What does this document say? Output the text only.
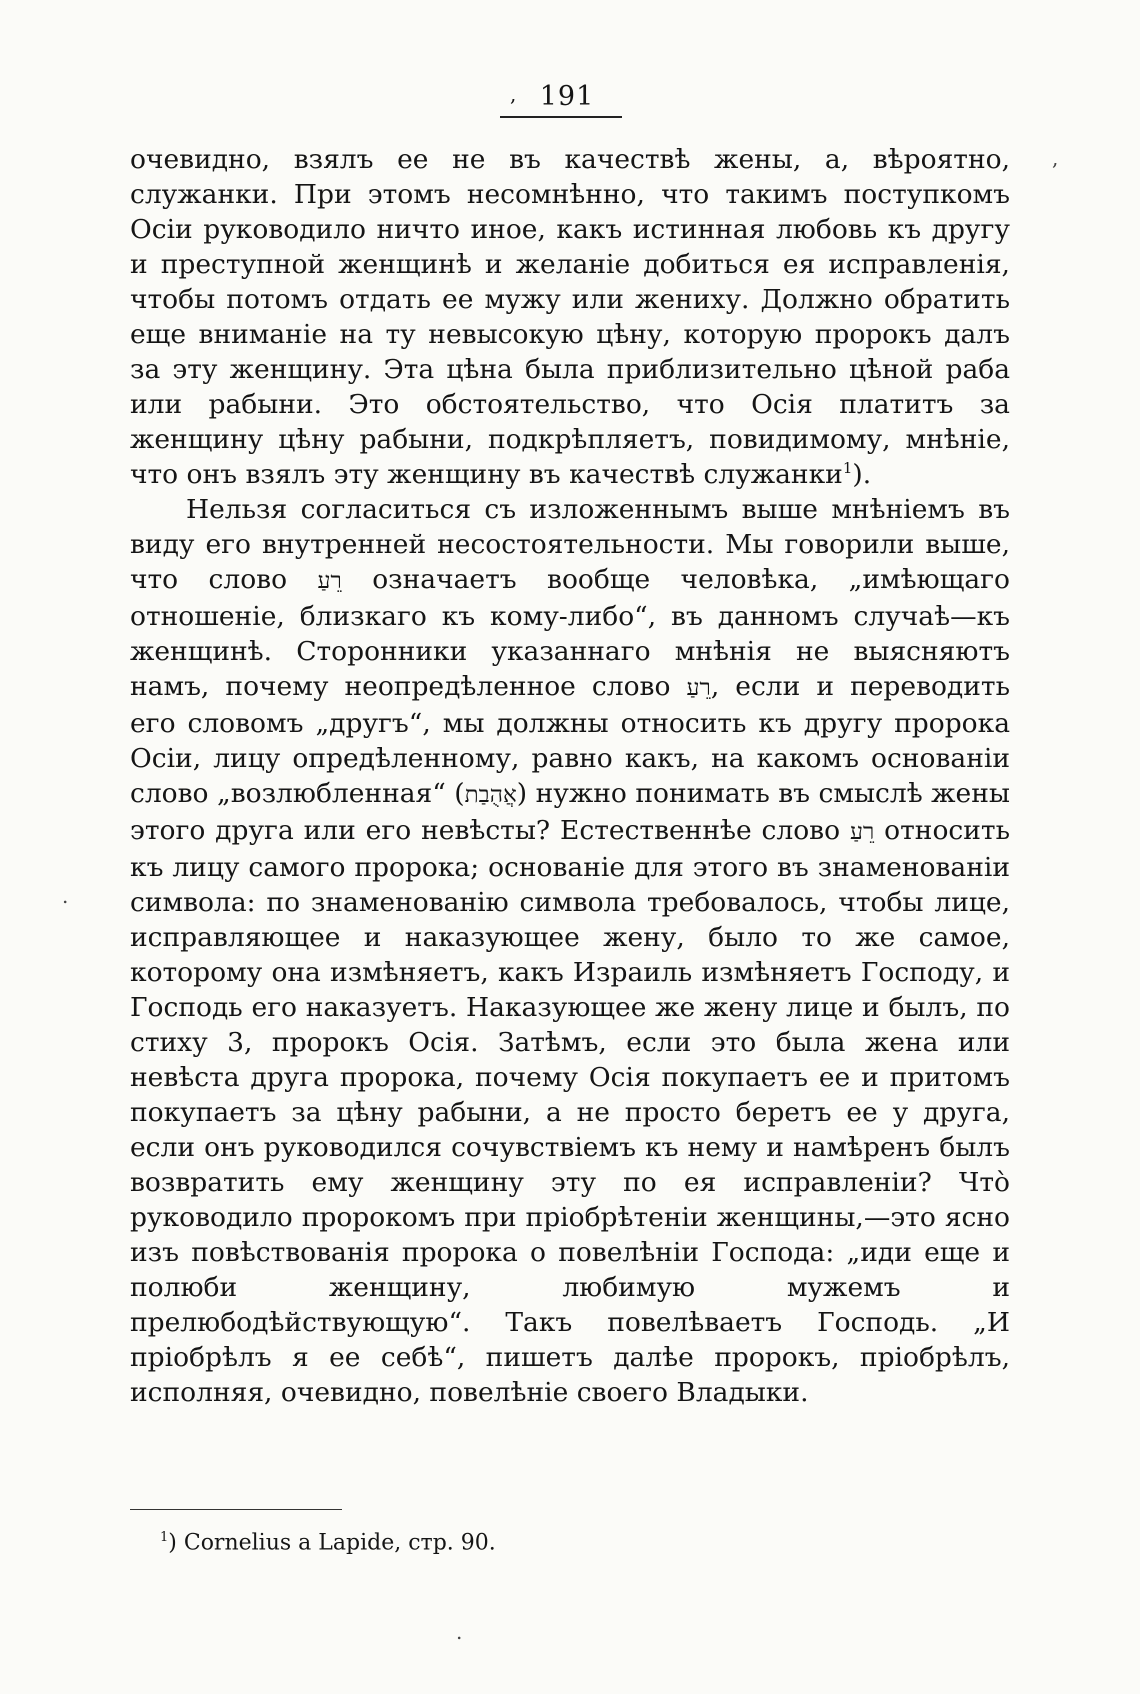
, 191

очевидно, взялъ ее не въ качествѣ жены, а, вѣроятно, служанки. При этомъ несомнѣнно, что такимъ поступкомъ Осіи руководило ничто иное, какъ истинная любовь къ другу и преступной женщинѣ и желаніе добиться ея исправленія, чтобы потомъ отдать ее мужу или жениху. Должно обратить еще вниманіе на ту невысокую цѣну, которую пророкъ далъ за эту женщину. Эта цѣна была приблизительно цѣной раба или рабыни. Это обстоятельство, что Осія платитъ за женщину цѣну рабыни, подкрѣпляетъ, повидимому, мнѣніе, что онъ взялъ эту женщину въ качествѣ служанки$^1$).

Нельзя согласиться съ изложеннымъ выше мнѣніемъ въ виду его внутренней несостоятельности. Мы говорили выше, что слово רֵעַ означаетъ вообще человѣка, „имѣющаго отношеніе, близкаго къ кому-либо“, въ данномъ случаѣ—къ женщинѣ. Сторонники указаннаго мнѣнія не выясняютъ намъ, почему неопредѣленное слово רֵעַ, если и переводить его словомъ „другъ“, мы должны относить къ другу пророка Осіи, лицу опредѣленному, равно какъ, на какомъ основаніи слово „возлюбленная“ (אֲהֻבַת) нужно понимать въ смыслѣ жены этого друга или его невѣсты? Естественнѣе слово רֵעַ относить къ лицу самого пророка; основаніе для этого въ знаменованіи символа: по знаменованію символа требовалось, чтобы лице, исправляющее и наказующее жену, было то же самое, которому она измѣняетъ, какъ Израиль измѣняетъ Господу, и Господь его наказуетъ. Наказующее же жену лице и былъ, по стиху 3, пророкъ Осія. Затѣмъ, если это была жена или невѣста друга пророка, почему Осія покупаетъ ее и притомъ покупаетъ за цѣну рабыни, а не просто беретъ ее у друга, если онъ руководился сочувствіемъ къ нему и намѣренъ былъ возвратить ему женщину эту по ея исправленіи? Что̀ руководило пророкомъ при пріобрѣтеніи женщины,—это ясно изъ повѣствованія пророка о повелѣніи Господа: „иди еще и полюби женщину, любимую мужемъ и прелюбодѣйствующую“. Такъ повелѣваетъ Господь. „И пріобрѣлъ я ее себѣ“, пишетъ далѣе пророкъ, пріобрѣлъ, исполняя, очевидно, повелѣніе своего Владыки.

$^1$) Cornelius a Lapide, стр. 90.
,
.
.
